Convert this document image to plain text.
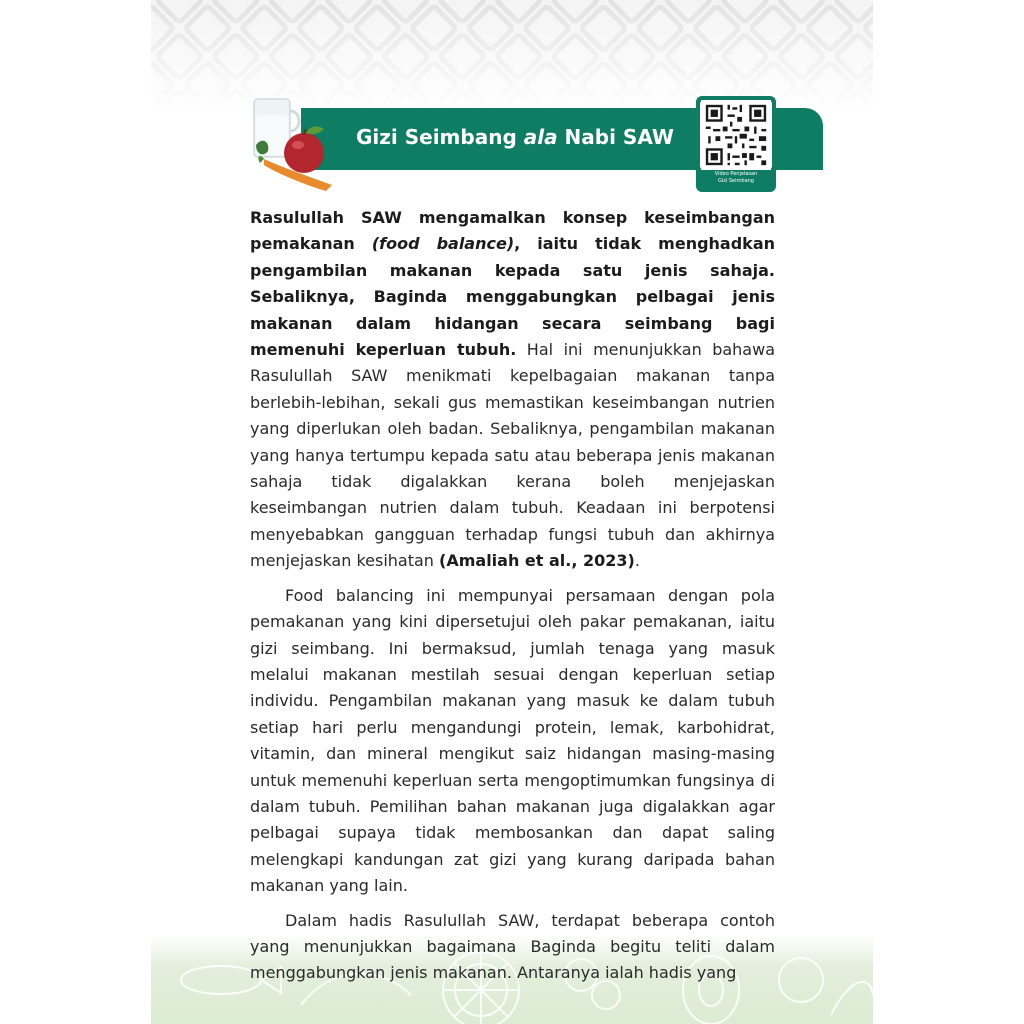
Gizi Seimbang ala Nabi SAW
Video Penjelasan
Gizi Seimbang

Rasulullah SAW mengamalkan konsep keseimbangan pemakanan (food balance), iaitu tidak menghadkan pengambilan makanan kepada satu jenis sahaja. Sebaliknya, Baginda menggabungkan pelbagai jenis makanan dalam hidangan secara seimbang bagi memenuhi keperluan tubuh. Hal ini menunjukkan bahawa Rasulullah SAW menikmati kepelbagaian makanan tanpa berlebih-lebihan, sekali gus memastikan keseimbangan nutrien yang diperlukan oleh badan. Sebaliknya, pengambilan makanan yang hanya tertumpu kepada satu atau beberapa jenis makanan sahaja tidak digalakkan kerana boleh menjejaskan keseimbangan nutrien dalam tubuh. Keadaan ini berpotensi menyebabkan gangguan terhadap fungsi tubuh dan akhirnya menjejaskan kesihatan (Amaliah et al., 2023).

Food balancing ini mempunyai persamaan dengan pola pemakanan yang kini dipersetujui oleh pakar pemakanan, iaitu gizi seimbang. Ini bermaksud, jumlah tenaga yang masuk melalui makanan mestilah sesuai dengan keperluan setiap individu. Pengambilan makanan yang masuk ke dalam tubuh setiap hari perlu mengandungi protein, lemak, karbohidrat, vitamin, dan mineral mengikut saiz hidangan masing-masing untuk memenuhi keperluan serta mengoptimumkan fungsinya di dalam tubuh. Pemilihan bahan makanan juga digalakkan agar pelbagai supaya tidak membosankan dan dapat saling melengkapi kandungan zat gizi yang kurang daripada bahan makanan yang lain.

Dalam hadis Rasulullah SAW, terdapat beberapa contoh yang menunjukkan bagaimana Baginda begitu teliti dalam menggabungkan jenis makanan. Antaranya ialah hadis yang
